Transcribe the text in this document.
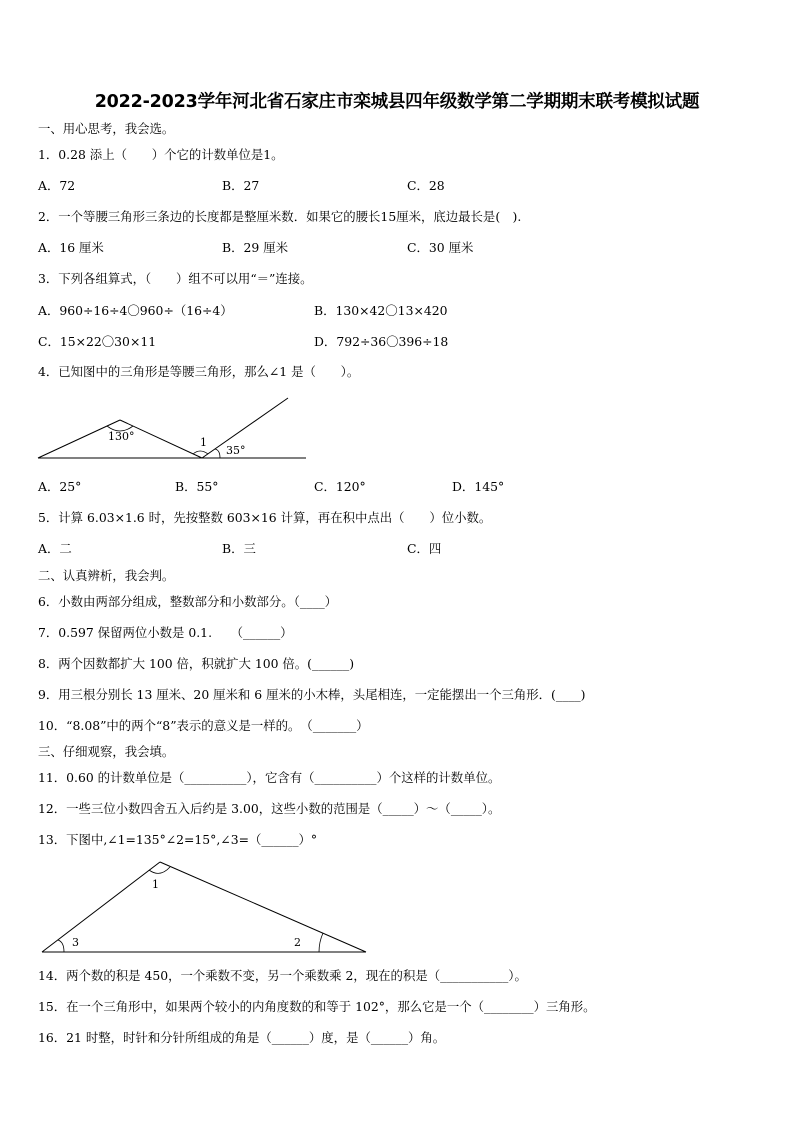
2022-2023学年河北省石家庄市栾城县四年级数学第二学期期末联考模拟试题
一、用心思考，我会选。
1．0.28 添上（　　）个它的计数单位是1。
A．72	B．27	C．28
2．一个等腰三角形三条边的长度都是整厘米数．如果它的腰长15厘米，底边最长是(　).
A．16 厘米	B．29 厘米	C．30 厘米
3．下列各组算式，（　　）组不可以用“＝”连接。
A．960÷16÷4〇960÷（16÷4）	B．130×42〇13×420
C．15×22〇30×11	D．792÷36〇396÷18
4．已知图中的三角形是等腰三角形，那么∠1 是（　　）。
130°	1
35°
A．25°	B．55°	C．120°	D．145°
5．计算 6.03×1.6 时，先按整数 603×16 计算，再在积中点出（　　）位小数。
A．二	B．三	C．四
二、认真辨析，我会判。
6．小数由两部分组成，整数部分和小数部分。（____）
7．0.597 保留两位小数是 0.1.　　（______）
8．两个因数都扩大 100 倍，积就扩大 100 倍。(______)
9．用三根分别长 13 厘米、20 厘米和 6 厘米的小木棒，头尾相连，一定能摆出一个三角形．(____)
10．“8.08”中的两个“8”表示的意义是一样的。　（_______）
三、仔细观察，我会填。
11．0.60 的计数单位是（__________），它含有（__________）个这样的计数单位。
12．一些三位小数四舍五入后约是 3.00，这些小数的范围是（_____）～（_____）。
13．下图中,∠1=135°∠2=15°,∠3=（______）°
1
2
3
14．两个数的积是 450，一个乘数不变，另一个乘数乘 2，现在的积是（___________）。
15．在一个三角形中，如果两个较小的内角度数的和等于 102°，那么它是一个（________）三角形。
16．21 时整，时针和分针所组成的角是（______）度，是（______）角。
